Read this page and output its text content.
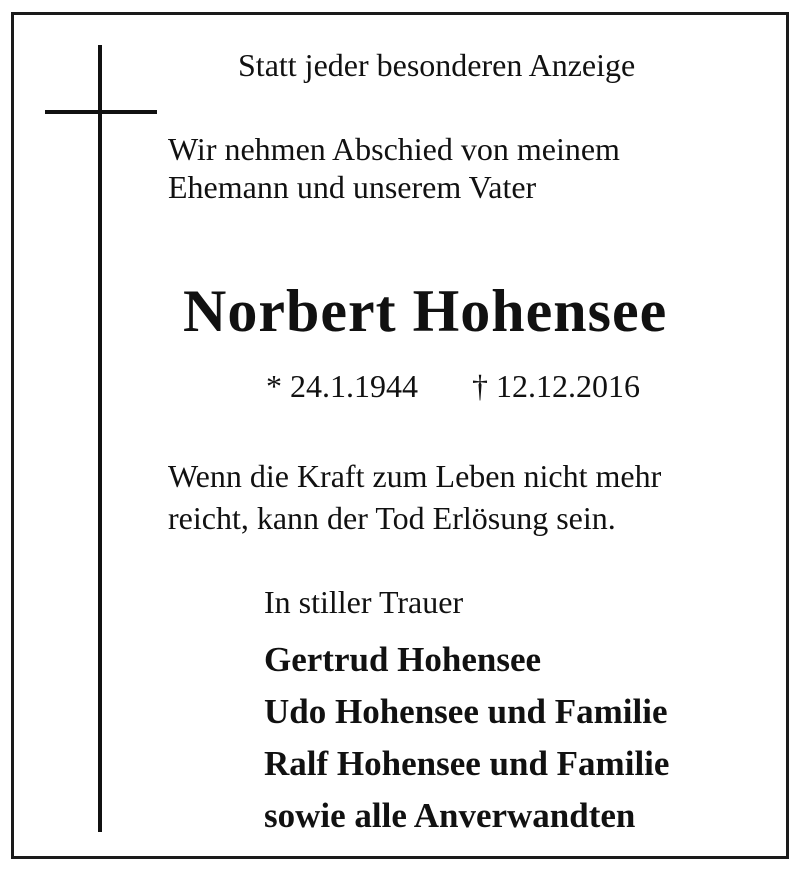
Statt jeder besonderen Anzeige

Wir nehmen Abschied von meinem
Ehemann und unserem Vater

Norbert Hohensee

* 24.1.1944 † 12.12.2016

Wenn die Kraft zum Leben nicht mehr
reicht, kann der Tod Erlösung sein.

In stiller Trauer

Gertrud Hohensee
Udo Hohensee und Familie
Ralf Hohensee und Familie
sowie alle Anverwandten
